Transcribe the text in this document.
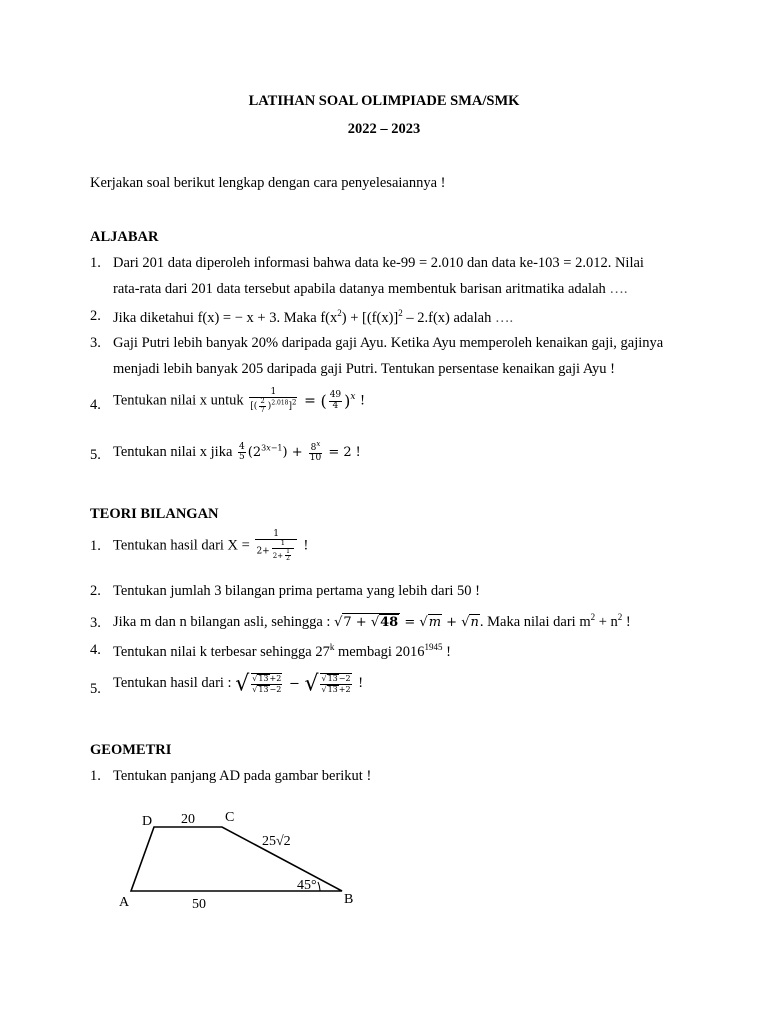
LATIHAN SOAL OLIMPIADE SMA/SMK
2022 – 2023
Kerjakan soal berikut lengkap dengan cara penyelesaiannya !
ALJABAR
1. Dari 201 data diperoleh informasi bahwa data ke-99 = 2.010 dan data ke-103 = 2.012. Nilai
rata-rata dari 201 data tersebut apabila datanya membentuk barisan aritmatika adalah ….
2. Jika diketahui f(x) = − x + 3. Maka $f(x^2) + [(f(x)]^2 - 2.f(x)$ adalah ….
3. Gaji Putri lebih banyak 20% daripada gaji Ayu. Ketika Ayu memperoleh kenaikan gaji, gajinya
menjadi lebih banyak 205 daripada gaji Putri. Tentukan persentase kenaikan gaji Ayu !
4. Tentukan nilai x untuk $\frac{1}{[( \frac{2}{7} )^{2.018}]^2}$ = ( $\frac{49}{4} )^x$ !
5. Tentukan nilai x jika $\frac{4}{5} (2^{3x-1}) + \frac{8^x}{10} = 2$ !
TEORI BILANGAN
1. Tentukan hasil dari $X = \frac{1}{2+ \frac{1}{2+ \frac{1}{2}}}$ !
2. Tentukan jumlah 3 bilangan prima pertama yang lebih dari 50 !
3. Jika m dan n bilangan asli, sehingga : √7 + √48 = √m + √n. Maka nilai dari $m^2 + n^2$ !
4. Tentukan nilai k terbesar sehingga 27$^k$ membagi $2016^{1945}$ !
5. Tentukan hasil dari : √ $\frac{√13+2}{√13-2}$ − √ $\frac{√13-2}{√13+2}$ !
GEOMETRI
1. Tentukan panjang AD pada gambar berikut !
D	C
A	B
20
50
25√2
45°
